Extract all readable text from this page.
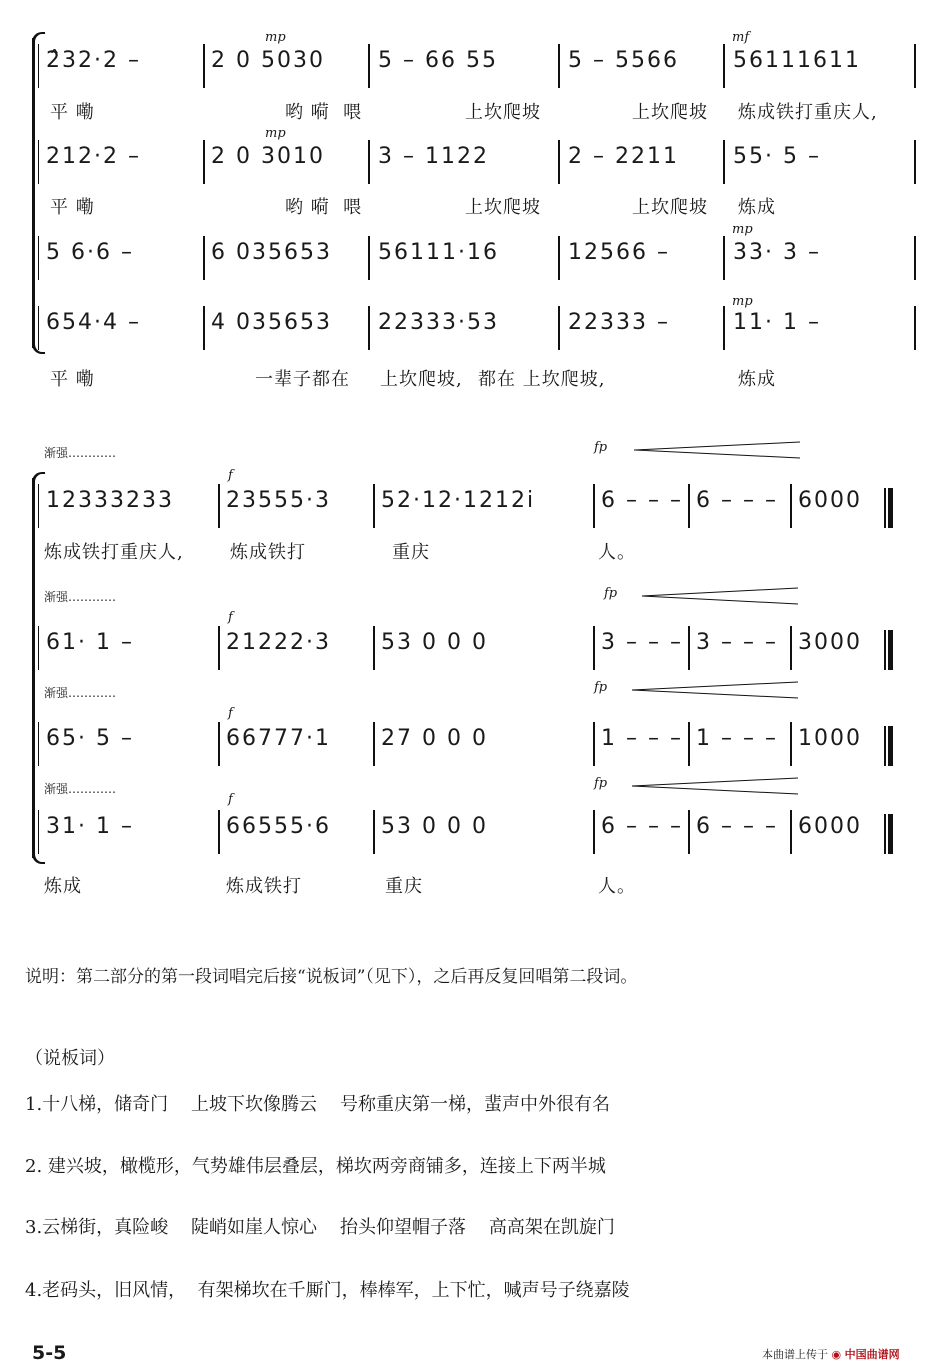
mp	mf
2̂32·2 –	2 0 5030 5 – 66 55	5 – 5566 56111611
平 嘞	哟 嗬  喂	上坎爬坡	上坎爬坡 炼成铁打重庆人,
mp
212·2 –	2 0 3010 3 – 1122	2 – 2211 55· 5 –
平 嘞	哟 嗬  喂	上坎爬坡	上坎爬坡 炼成
mp
5 6·6 –	6 035653 56111·16	12566 –	33· 3 –
mp
654·4 –	4 035653 22333·53	22333 –	11· 1 –
平 嘞	一辈子都在 上坎爬坡, 都在 上坎爬坡,	炼成
渐强…………
f
fp
12333233 23555·3 52·12·1212i	6 – – – 6 – – – 6000
炼成铁打重庆人,	炼成铁打	重庆	人。
渐强…………
f
fp
61· 1 –	21222·3 53 0 0 0	3 – – – 3 – – – 3000
渐强…………
f
fp
65· 5 –	66777·1 27 0 0 0	1 – – – 1 – – – 1000
渐强…………
f
fp
31· 1 –	66555·6 53 0 0 0	6 – – – 6 – – – 6000
炼成	炼成铁打	重庆	人。
说明：第二部分的第一段词唱完后接“说板词”（见下），之后再反复回唱第二段词。
（说板词）
1.十八梯，储奇门    上坡下坎像腾云    号称重庆第一梯，蜚声中外很有名
2. 建兴坡，橄榄形，气势雄伟层叠层，梯坎两旁商铺多，连接上下两半城
3.云梯街，真险峻    陡峭如崖人惊心    抬头仰望帽子落    高高架在凯旋门
4.老码头，旧风情，  有架梯坎在千厮门，棒棒军，上下忙，喊声号子绕嘉陵
5-5	本曲谱上传于 ◉ 中国曲谱网
